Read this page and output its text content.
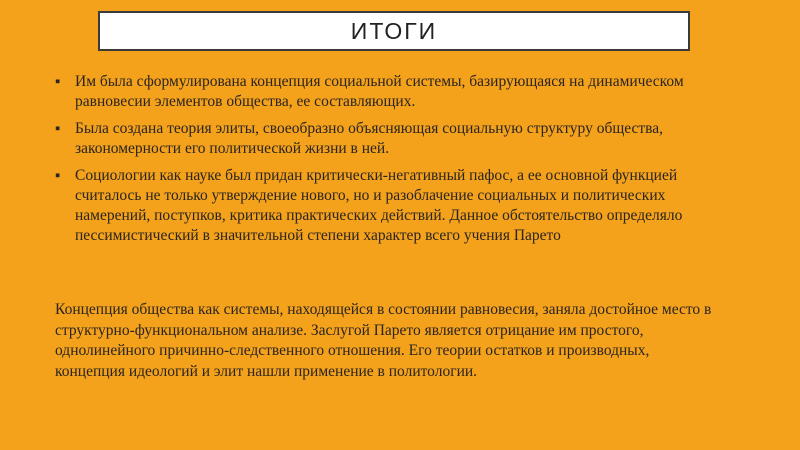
ИТОГИ
▪ Им была сформулирована концепция социальной системы, базирующаяся на динамическом равновесии элементов общества, ее составляющих.
▪ Была создана теория элиты, своеобразно объясняющая социальную структуру общества, закономерности его политической жизни в ней.
▪ Социологии как науке был придан критически-негативный пафос, а ее основной функцией считалось не только утверждение нового, но и разоблачение социальных и политических намерений, поступков, критика практических действий. Данное обстоятельство определяло пессимистический в значительной степени характер всего учения Парето

Концепция общества как системы, находящейся в состоянии равновесия, заняла достойное место в структурно-функциональном анализе. Заслугой Парето является отрицание им простого, однолинейного причинно-следственного отношения. Его теории остатков и производных, концепция идеологий и элит нашли применение в политологии.
